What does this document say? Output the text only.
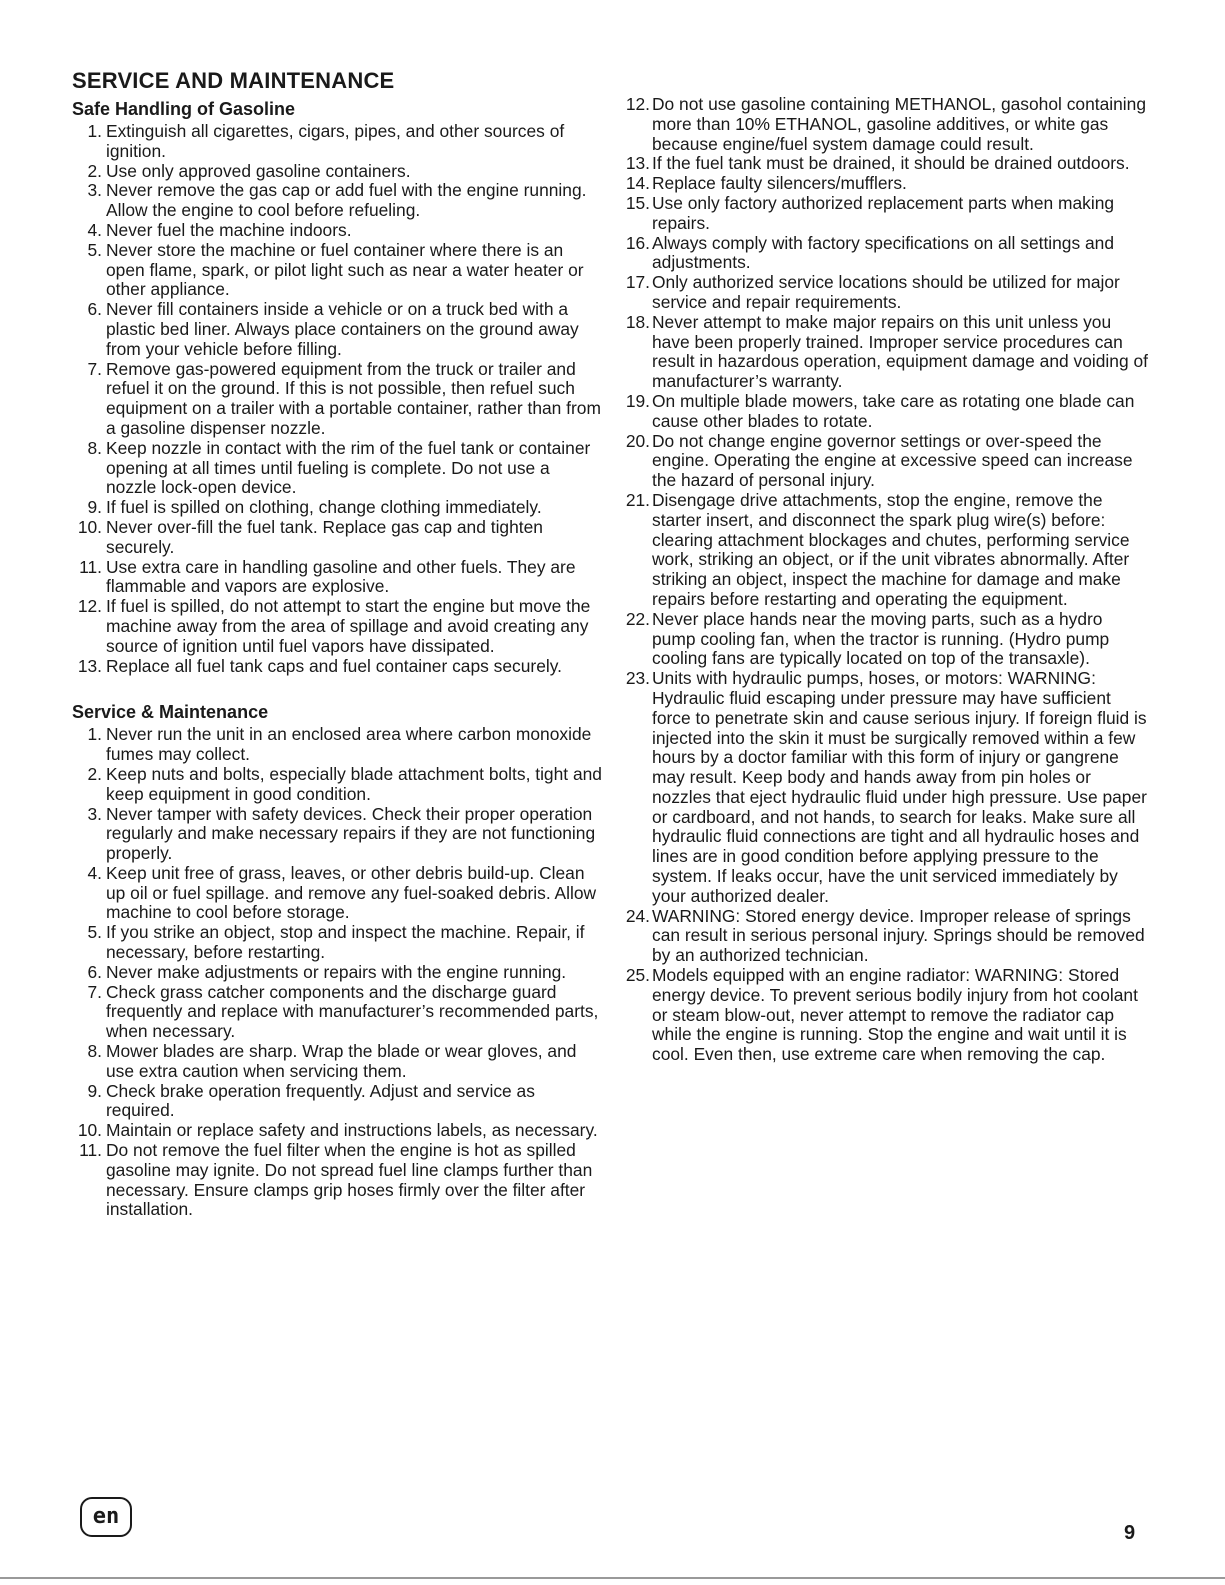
SERVICE AND MAINTENANCE
Safe Handling of Gasoline
1. Extinguish all cigarettes, cigars, pipes, and other sources of ignition.
2. Use only approved gasoline containers.
3. Never remove the gas cap or add fuel with the engine running. Allow the engine to cool before refueling.
4. Never fuel the machine indoors.
5. Never store the machine or fuel container where there is an open flame, spark, or pilot light such as near a water heater or other appliance.
6. Never fill containers inside a vehicle or on a truck bed with a plastic bed liner. Always place containers on the ground away from your vehicle before filling.
7. Remove gas-powered equipment from the truck or trailer and refuel it on the ground. If this is not possible, then refuel such equipment on a trailer with a portable container, rather than from a gasoline dispenser nozzle.
8. Keep nozzle in contact with the rim of the fuel tank or container opening at all times until fueling is complete. Do not use a nozzle lock-open device.
9. If fuel is spilled on clothing, change clothing immediately.
10. Never over-fill the fuel tank. Replace gas cap and tighten securely.
11. Use extra care in handling gasoline and other fuels. They are flammable and vapors are explosive.
12. If fuel is spilled, do not attempt to start the engine but move the machine away from the area of spillage and avoid creating any source of ignition until fuel vapors have dissipated.
13. Replace all fuel tank caps and fuel container caps securely.
Service & Maintenance
1. Never run the unit in an enclosed area where carbon monoxide fumes may collect.
2. Keep nuts and bolts, especially blade attachment bolts, tight and keep equipment in good condition.
3. Never tamper with safety devices. Check their proper operation regularly and make necessary repairs if they are not functioning properly.
4. Keep unit free of grass, leaves, or other debris build-up. Clean up oil or fuel spillage. and remove any fuel-soaked debris. Allow machine to cool before storage.
5. If you strike an object, stop and inspect the machine. Repair, if necessary, before restarting.
6. Never make adjustments or repairs with the engine running.
7. Check grass catcher components and the discharge guard frequently and replace with manufacturer’s recommended parts, when necessary.
8. Mower blades are sharp. Wrap the blade or wear gloves, and use extra caution when servicing them.
9. Check brake operation frequently. Adjust and service as required.
10. Maintain or replace safety and instructions labels, as necessary.
11. Do not remove the fuel filter when the engine is hot as spilled gasoline may ignite. Do not spread fuel line clamps further than necessary. Ensure clamps grip hoses firmly over the filter after installation.
12. Do not use gasoline containing METHANOL, gasohol containing more than 10% ETHANOL, gasoline additives, or white gas because engine/fuel system damage could result.
13. If the fuel tank must be drained, it should be drained outdoors.
14. Replace faulty silencers/mufflers.
15. Use only factory authorized replacement parts when making repairs.
16. Always comply with factory specifications on all settings and adjustments.
17. Only authorized service locations should be utilized for major service and repair requirements.
18. Never attempt to make major repairs on this unit unless you have been properly trained. Improper service procedures can result in hazardous operation, equipment damage and voiding of manufacturer’s warranty.
19. On multiple blade mowers, take care as rotating one blade can cause other blades to rotate.
20. Do not change engine governor settings or over-speed the engine. Operating the engine at excessive speed can increase the hazard of personal injury.
21. Disengage drive attachments, stop the engine, remove the starter insert, and disconnect the spark plug wire(s) before: clearing attachment blockages and chutes, performing service work, striking an object, or if the unit vibrates abnormally. After striking an object, inspect the machine for damage and make repairs before restarting and operating the equipment.
22. Never place hands near the moving parts, such as a hydro pump cooling fan, when the tractor is running. (Hydro pump cooling fans are typically located on top of the transaxle).
23. Units with hydraulic pumps, hoses, or motors: WARNING: Hydraulic fluid escaping under pressure may have sufficient force to penetrate skin and cause serious injury. If foreign fluid is injected into the skin it must be surgically removed within a few hours by a doctor familiar with this form of injury or gangrene may result. Keep body and hands away from pin holes or nozzles that eject hydraulic fluid under high pressure. Use paper or cardboard, and not hands, to search for leaks. Make sure all hydraulic fluid connections are tight and all hydraulic hoses and lines are in good condition before applying pressure to the system. If leaks occur, have the unit serviced immediately by your authorized dealer.
24. WARNING: Stored energy device. Improper release of springs can result in serious personal injury. Springs should be removed by an authorized technician.
25. Models equipped with an engine radiator: WARNING: Stored energy device. To prevent serious bodily injury from hot coolant or steam blow-out, never attempt to remove the radiator cap while the engine is running. Stop the engine and wait until it is cool. Even then, use extreme care when removing the cap.
en
9
